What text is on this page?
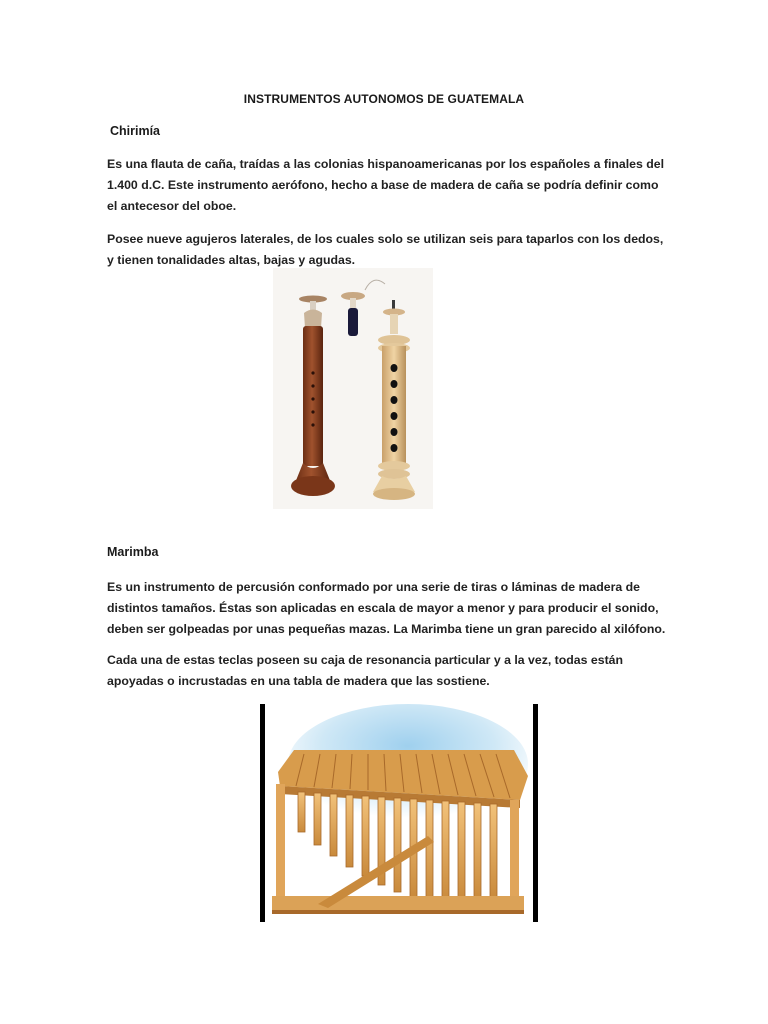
INSTRUMENTOS AUTONOMOS DE GUATEMALA
Chirimía
Es una flauta de caña, traídas a las colonias hispanoamericanas por los españoles a finales del 1.400 d.C. Este instrumento aerófono, hecho a base de madera de caña se podría definir como el antecesor del oboe.
Posee nueve agujeros laterales, de los cuales solo se utilizan seis para taparlos con los dedos, y tienen tonalidades altas, bajas y agudas.
Marimba
Es un instrumento de percusión conformado por una serie de tiras o láminas de madera de distintos tamaños. Éstas son aplicadas en escala de mayor a menor y para producir el sonido, deben ser golpeadas por unas pequeñas mazas. La Marimba tiene un gran parecido al xilófono.
Cada una de estas teclas poseen su caja de resonancia particular y a la vez, todas están apoyadas o incrustadas en una tabla de madera que las sostiene.
